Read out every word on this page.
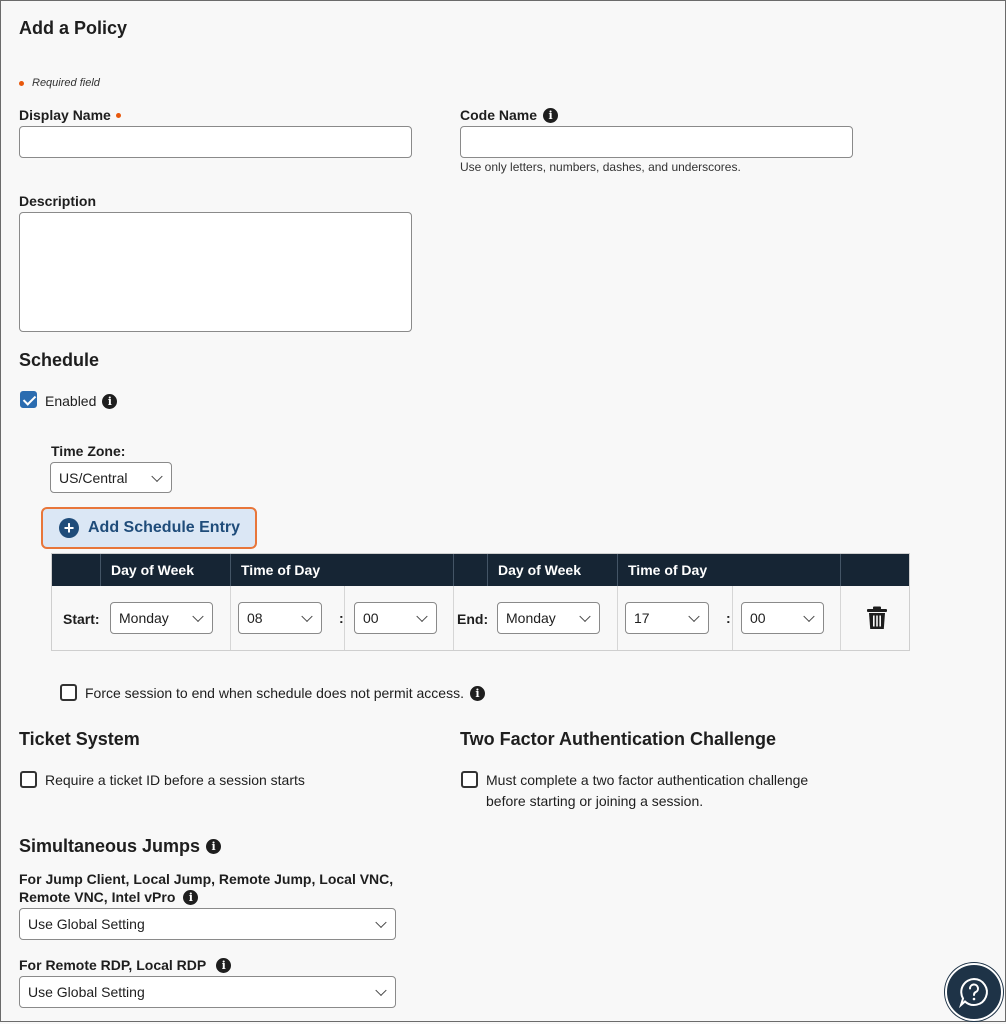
Add a Policy
Required field
Display Name	Code Name	i
Use only letters, numbers, dashes, and underscores.
Description
Schedule
Enabled	i
Time Zone:
US/Central
+ Add Schedule Entry
Day of Week	Time of Day	Day of Week	Time of Day
Start: Monday	08	: 00	End: Monday	17	: 00
Force session to end when schedule does not permit access.	i
Ticket System
Require a ticket ID before a session starts
Two Factor Authentication Challenge
Must complete a two factor authentication challenge
before starting or joining a session.
Simultaneous Jumps	i
For Jump Client, Local Jump, Remote Jump, Local VNC,
Remote VNC, Intel vPro	i
Use Global Setting
For Remote RDP, Local RDP	i
Use Global Setting
